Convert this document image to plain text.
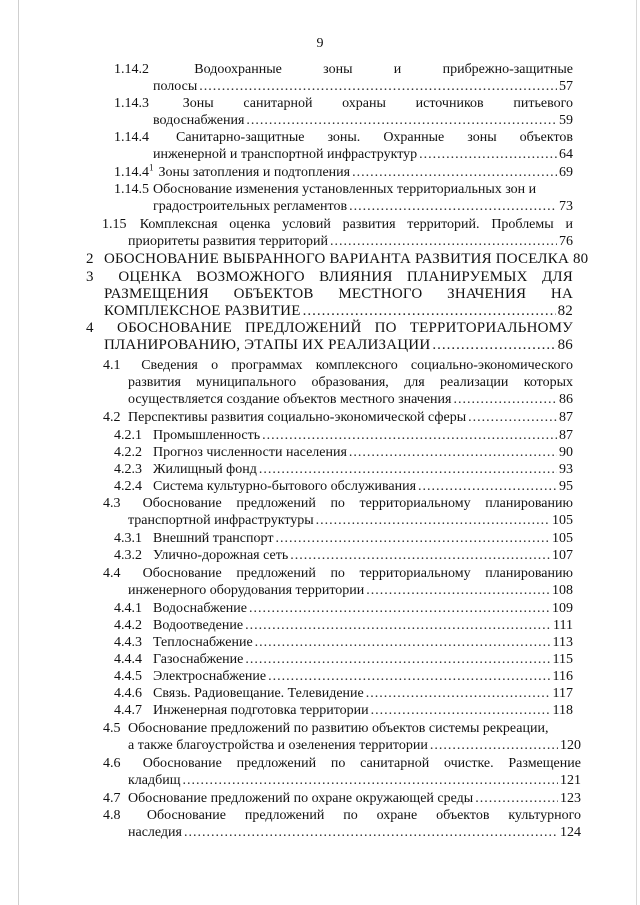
9
1.14.2	Водоохранные	зоны	и	прибрежно-защитные
полосы .....	57
1.14.3 Зоны санитарной охраны источников питьевого
водоснабжения .....	59
1.14.4 Санитарно-защитные зоны. Охранные зоны объектов
инженерной и транспортной инфраструктур .....	64
1.14.4$^1$ Зоны затопления и подтопления .....	69
1.14.5 Обоснование изменения установленных территориальных зон и
градостроительных регламентов .....	73
1.15 Комплексная оценка условий развития территорий. Проблемы и
приоритеты развития территорий .....	76
2 ОБОСНОВАНИЕ ВЫБРАННОГО ВАРИАНТА РАЗВИТИЯ ПОСЕЛКА 80
3	ОЦЕНКА ВОЗМОЖНОГО ВЛИЯНИЯ ПЛАНИРУЕМЫХ ДЛЯ
РАЗМЕЩЕНИЯ ОБЪЕКТОВ МЕСТНОГО ЗНАЧЕНИЯ НА
КОМПЛЕКСНОЕ РАЗВИТИЕ .....	82
4	ОБОСНОВАНИЕ ПРЕДЛОЖЕНИЙ ПО ТЕРРИТОРИАЛЬНОМУ
ПЛАНИРОВАНИЮ, ЭТАПЫ ИХ РЕАЛИЗАЦИИ .....	86
4.1	Сведения о программах комплексного социально-экономического
развития муниципального образования, для реализации которых
осуществляется создание объектов местного значения .....	86
4.2 Перспективы развития социально-экономической сферы .....	87
4.2.1 Промышленность .....	87
4.2.2 Прогноз численности населения .....	90
4.2.3 Жилищный фонд .....	93
4.2.4 Система культурно-бытового обслуживания .....	95
4.3	Обоснование предложений по территориальному планированию
транспортной инфраструктуры .....	105
4.3.1 Внешний транспорт .....	105
4.3.2 Улично-дорожная сеть .....	107
4.4	Обоснование предложений по территориальному планированию
инженерного оборудования территории .....	108
4.4.1 Водоснабжение .....	109
4.4.2 Водоотведение .....	111
4.4.3 Теплоснабжение .....	113
4.4.4 Газоснабжение .....	115
4.4.5 Электроснабжение .....	116
4.4.6 Связь. Радиовещание. Телевидение .....	117
4.4.7 Инженерная подготовка территории .....	118
4.5 Обоснование предложений по развитию объектов системы рекреации,
а также благоустройства и озеленения территории .....	120
4.6	Обоснование предложений по санитарной очистке. Размещение
кладбищ .....	121
4.7 Обоснование предложений по охране окружающей среды .....	123
4.8	Обоснование предложений по охране объектов культурного
наследия .....	124
